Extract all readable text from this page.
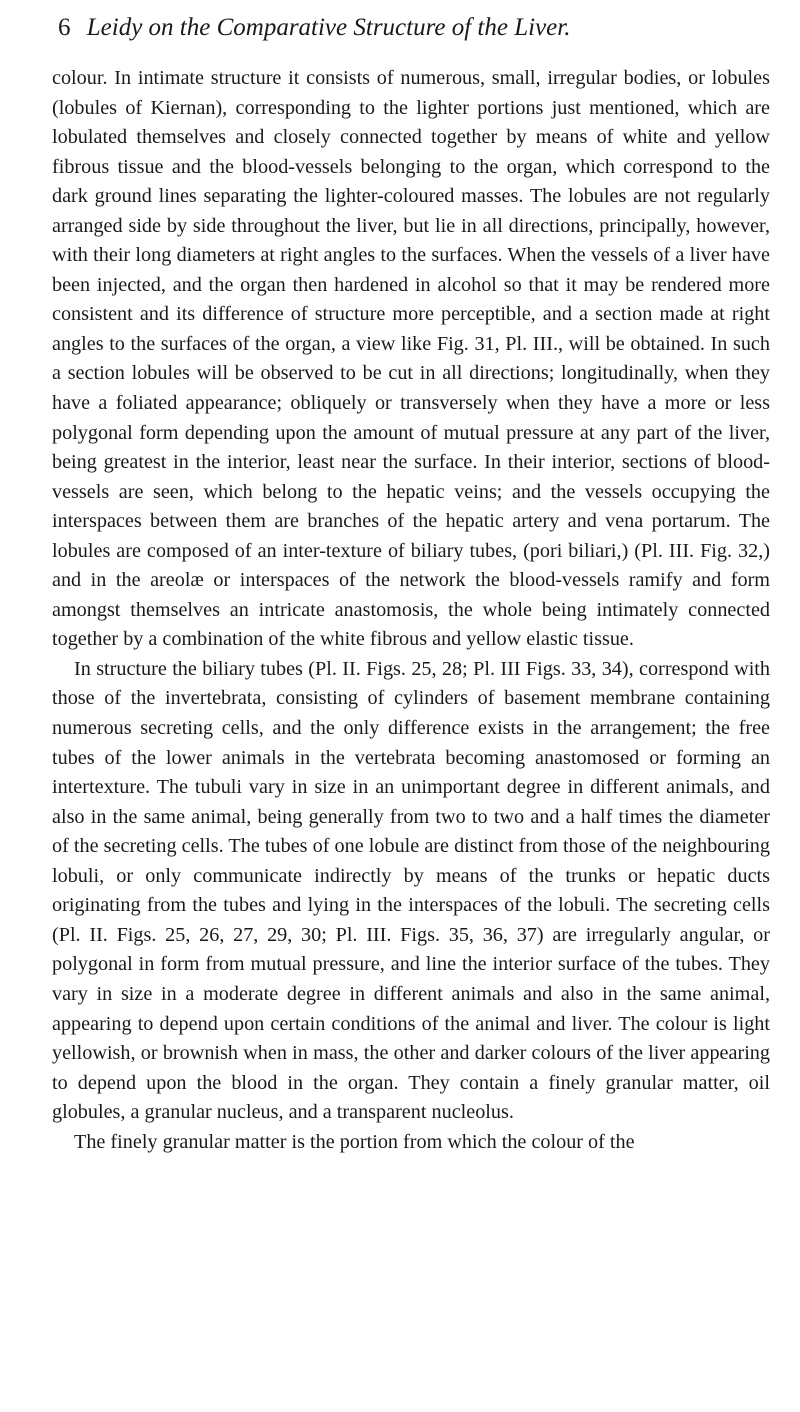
6 Leidy on the Comparative Structure of the Liver.

colour. In intimate structure it consists of numerous, small, irregular bodies, or lobules (lobules of Kiernan), corresponding to the lighter portions just mentioned, which are lobulated themselves and closely connected together by means of white and yellow fibrous tissue and the blood-vessels belonging to the organ, which correspond to the dark ground lines separating the lighter-coloured masses. The lobules are not regularly arranged side by side throughout the liver, but lie in all directions, principally, however, with their long diameters at right angles to the surfaces. When the vessels of a liver have been injected, and the organ then hardened in alcohol so that it may be rendered more consistent and its difference of structure more perceptible, and a section made at right angles to the surfaces of the organ, a view like Fig. 31, Pl. III., will be obtained. In such a section lobules will be observed to be cut in all directions; longitudinally, when they have a foliated appearance; obliquely or transversely when they have a more or less polygonal form depending upon the amount of mutual pressure at any part of the liver, being greatest in the interior, least near the surface. In their interior, sections of blood-vessels are seen, which belong to the hepatic veins; and the vessels occupying the interspaces between them are branches of the hepatic artery and vena portarum. The lobules are composed of an inter-texture of biliary tubes, (pori biliari,) (Pl. III. Fig. 32,) and in the areolæ or interspaces of the network the blood-vessels ramify and form amongst themselves an intricate anastomosis, the whole being intimately connected together by a combination of the white fibrous and yellow elastic tissue.

In structure the biliary tubes (Pl. II. Figs. 25, 28; Pl. III Figs. 33, 34), correspond with those of the invertebrata, consisting of cylinders of basement membrane containing numerous secreting cells, and the only difference exists in the arrangement; the free tubes of the lower animals in the vertebrata becoming anastomosed or forming an intertexture. The tubuli vary in size in an unimportant degree in different animals, and also in the same animal, being generally from two to two and a half times the diameter of the secreting cells. The tubes of one lobule are distinct from those of the neighbouring lobuli, or only communicate indirectly by means of the trunks or hepatic ducts originating from the tubes and lying in the interspaces of the lobuli. The secreting cells (Pl. II. Figs. 25, 26, 27, 29, 30; Pl. III. Figs. 35, 36, 37) are irregularly angular, or polygonal in form from mutual pressure, and line the interior surface of the tubes. They vary in size in a moderate degree in different animals and also in the same animal, appearing to depend upon certain conditions of the animal and liver. The colour is light yellowish, or brownish when in mass, the other and darker colours of the liver appearing to depend upon the blood in the organ. They contain a finely granular matter, oil globules, a granular nucleus, and a transparent nucleolus.

The finely granular matter is the portion from which the colour of the
